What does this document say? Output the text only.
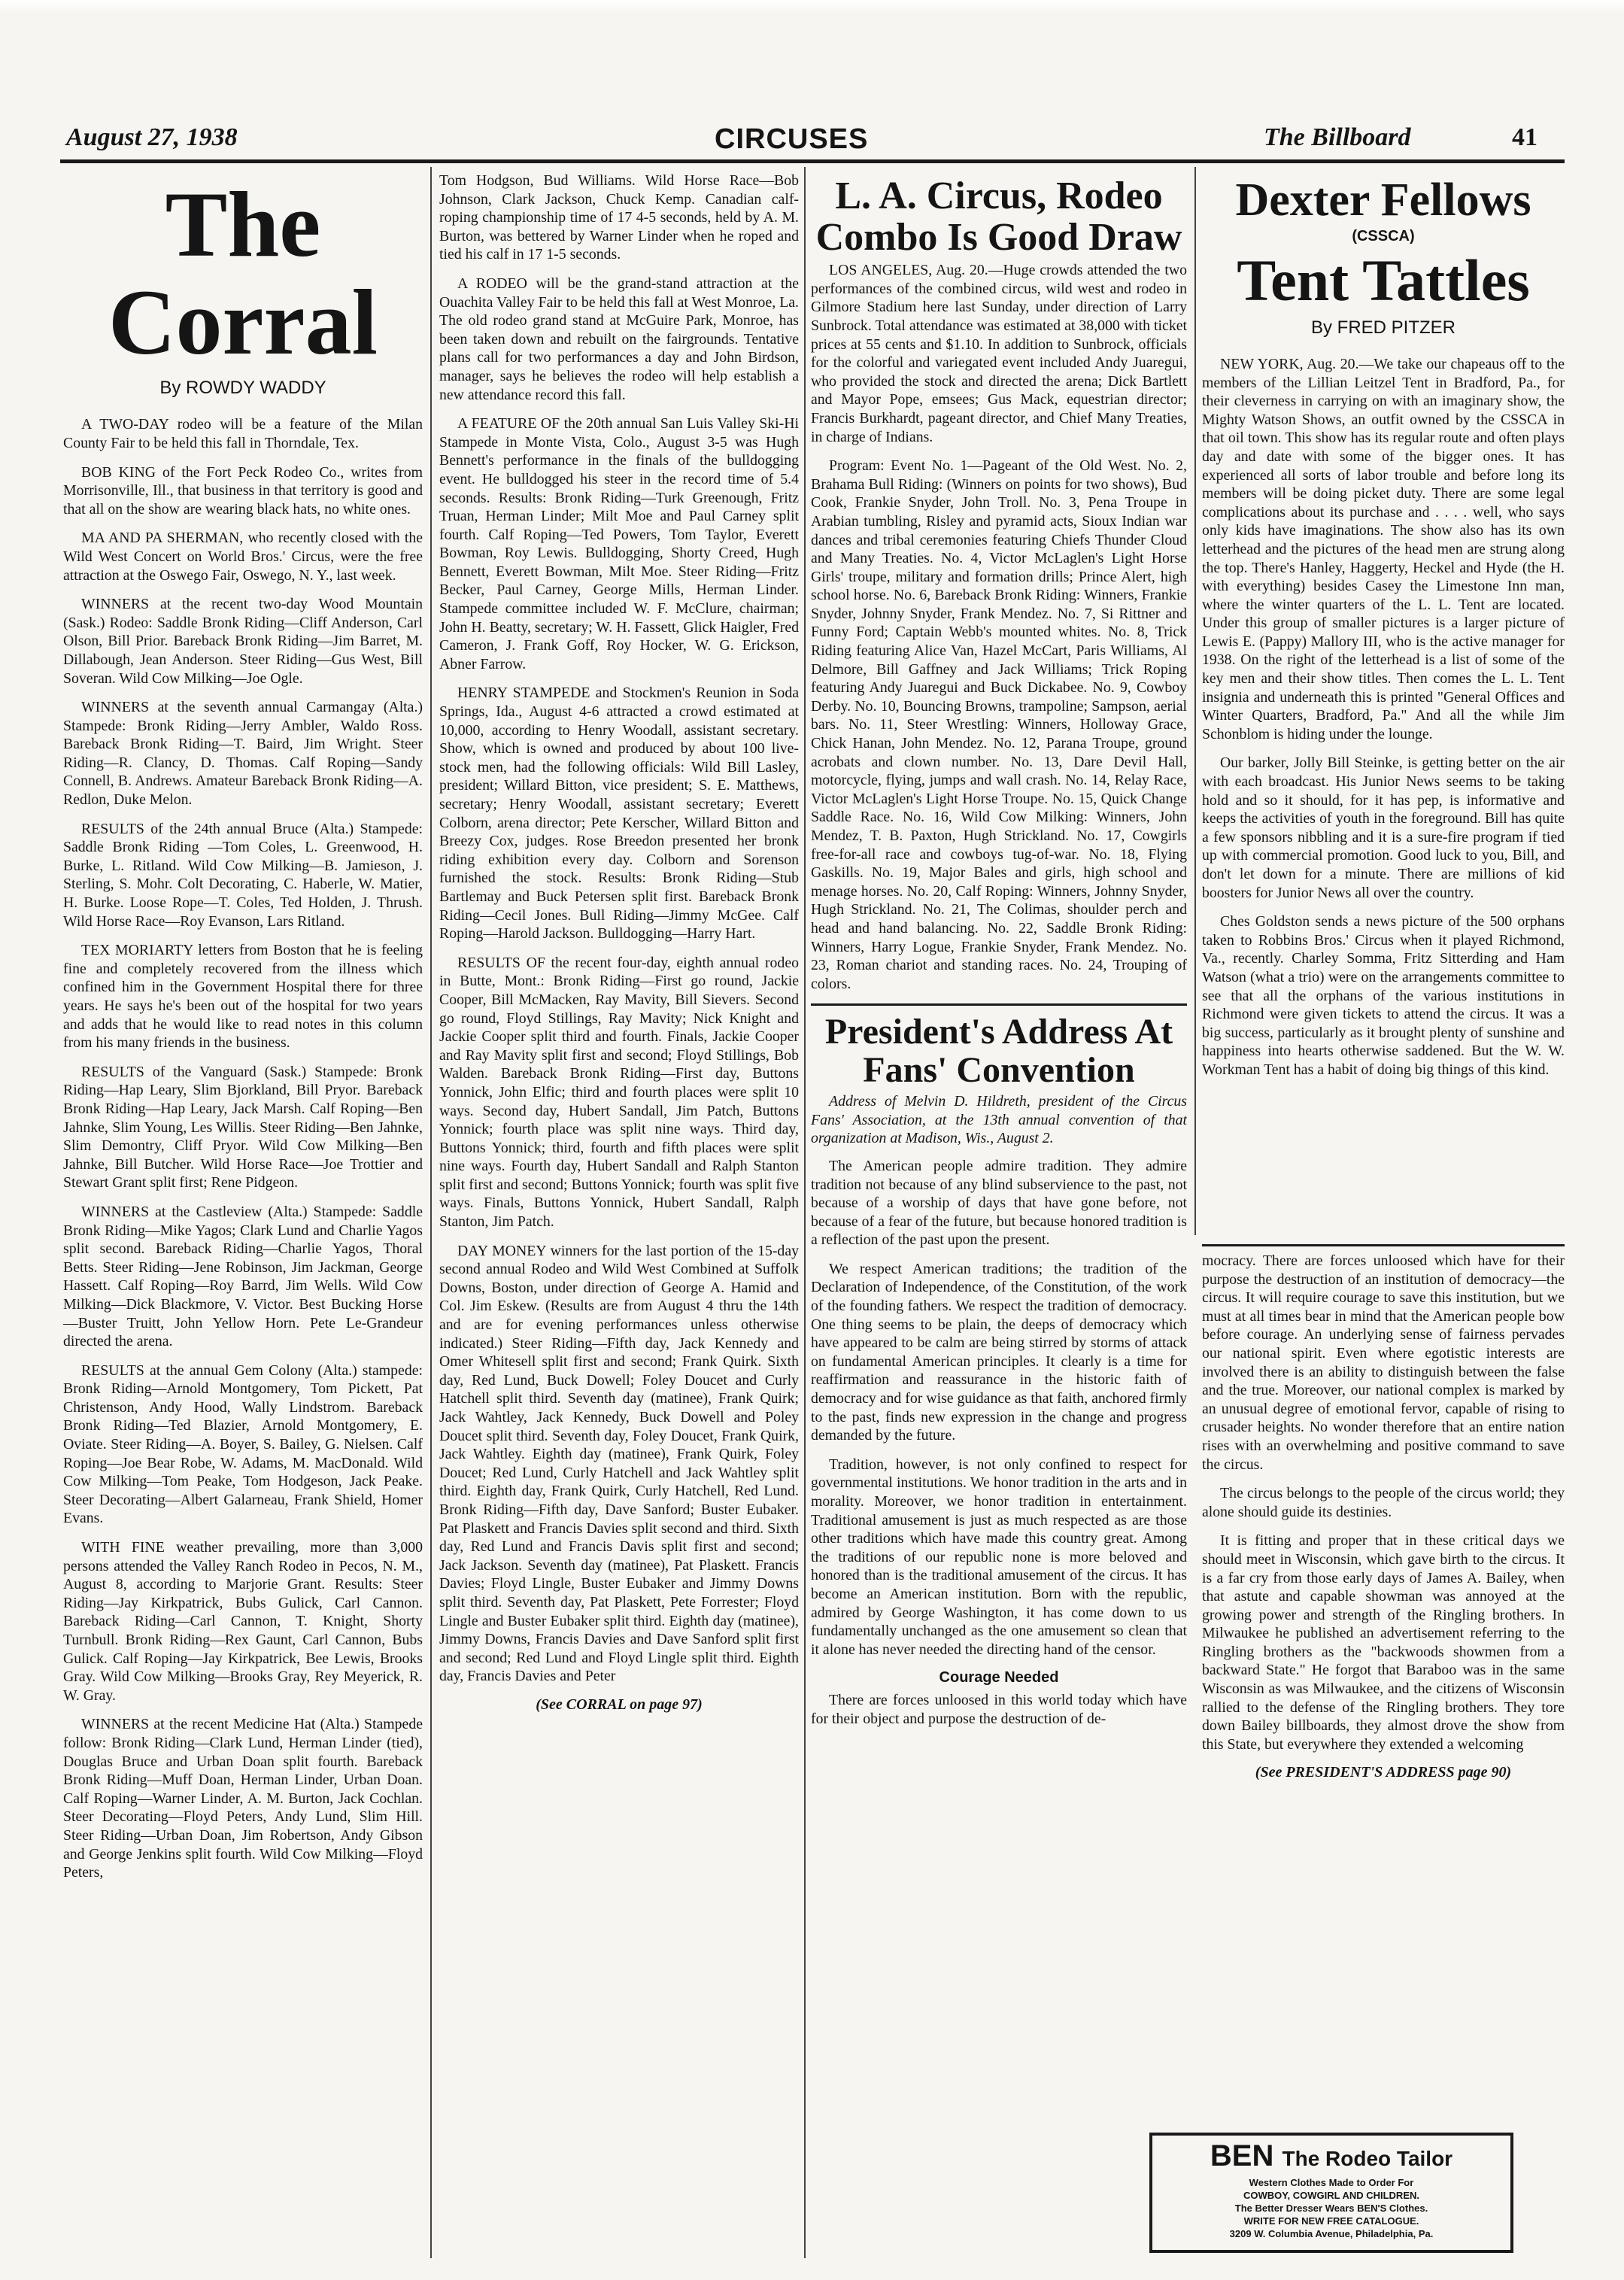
August 27, 1938	CIRCUSES	The Billboard	41
The Corral
By ROWDY WADDY

A TWO-DAY rodeo will be a feature of the Milan County Fair to be held this fall in Thorndale, Tex.

BOB KING of the Fort Peck Rodeo Co., writes from Morrisonville, Ill., that business in that territory is good and that all on the show are wearing black hats, no white ones.

MA AND PA SHERMAN, who recently closed with the Wild West Concert on World Bros.' Circus, were the free attraction at the Oswego Fair, Oswego, N. Y., last week.

WINNERS at the recent two-day Wood Mountain (Sask.) Rodeo: Saddle Bronk Riding—Cliff Anderson, Carl Olson, Bill Prior. Bareback Bronk Riding—Jim Barret, M. Dillabough, Jean Anderson. Steer Riding—Gus West, Bill Soveran. Wild Cow Milking—Joe Ogle.

WINNERS at the seventh annual Carmangay (Alta.) Stampede: Bronk Riding—Jerry Ambler, Waldo Ross. Bareback Bronk Riding—T. Baird, Jim Wright. Steer Riding—R. Clancy, D. Thomas. Calf Roping—Sandy Connell, B. Andrews. Amateur Bareback Bronk Riding—A. Redlon, Duke Melon.

RESULTS of the 24th annual Bruce (Alta.) Stampede: Saddle Bronk Riding —Tom Coles, L. Greenwood, H. Burke, L. Ritland. Wild Cow Milking—B. Jamieson, J. Sterling, S. Mohr. Colt Decorating, C. Haberle, W. Matier, H. Burke. Loose Rope—T. Coles, Ted Holden, J. Thrush. Wild Horse Race—Roy Evanson, Lars Ritland.

TEX MORIARTY letters from Boston that he is feeling fine and completely recovered from the illness which confined him in the Government Hospital there for three years. He says he's been out of the hospital for two years and adds that he would like to read notes in this column from his many friends in the business.

RESULTS of the Vanguard (Sask.) Stampede: Bronk Riding—Hap Leary, Slim Bjorkland, Bill Pryor. Bareback Bronk Riding—Hap Leary, Jack Marsh. Calf Roping—Ben Jahnke, Slim Young, Les Willis. Steer Riding—Ben Jahnke, Slim Demontry, Cliff Pryor. Wild Cow Milking—Ben Jahnke, Bill Butcher. Wild Horse Race—Joe Trottier and Stewart Grant split first; Rene Pidgeon.

WINNERS at the Castleview (Alta.) Stampede: Saddle Bronk Riding—Mike Yagos; Clark Lund and Charlie Yagos split second. Bareback Riding—Charlie Yagos, Thoral Betts. Steer Riding—Jene Robinson, Jim Jackman, George Hassett. Calf Roping—Roy Barrd, Jim Wells. Wild Cow Milking—Dick Blackmore, V. Victor. Best Bucking Horse—Buster Truitt, John Yellow Horn. Pete Le-Grandeur directed the arena.

RESULTS at the annual Gem Colony (Alta.) stampede: Bronk Riding—Arnold Montgomery, Tom Pickett, Pat Christenson, Andy Hood, Wally Lindstrom. Bareback Bronk Riding—Ted Blazier, Arnold Montgomery, E. Oviate. Steer Riding—A. Boyer, S. Bailey, G. Nielsen. Calf Roping—Joe Bear Robe, W. Adams, M. MacDonald. Wild Cow Milking—Tom Peake, Tom Hodgeson, Jack Peake. Steer Decorating—Albert Galarneau, Frank Shield, Homer Evans.

WITH FINE weather prevailing, more than 3,000 persons attended the Valley Ranch Rodeo in Pecos, N. M., August 8, according to Marjorie Grant. Results: Steer Riding—Jay Kirkpatrick, Bubs Gulick, Carl Cannon. Bareback Riding—Carl Cannon, T. Knight, Shorty Turnbull. Bronk Riding—Rex Gaunt, Carl Cannon, Bubs Gulick. Calf Roping—Jay Kirkpatrick, Bee Lewis, Brooks Gray. Wild Cow Milking—Brooks Gray, Rey Meyerick, R. W. Gray.

WINNERS at the recent Medicine Hat (Alta.) Stampede follow: Bronk Riding—Clark Lund, Herman Linder (tied), Douglas Bruce and Urban Doan split fourth. Bareback Bronk Riding—Muff Doan, Herman Linder, Urban Doan. Calf Roping—Warner Linder, A. M. Burton, Jack Cochlan. Steer Decorating—Floyd Peters, Andy Lund, Slim Hill. Steer Riding—Urban Doan, Jim Robertson, Andy Gibson and George Jenkins split fourth. Wild Cow Milking—Floyd Peters,

Tom Hodgson, Bud Williams. Wild Horse Race—Bob Johnson, Clark Jackson, Chuck Kemp. Canadian calf-roping championship time of 17 4-5 seconds, held by A. M. Burton, was bettered by Warner Linder when he roped and tied his calf in 17 1-5 seconds.

A RODEO will be the grand-stand attraction at the Ouachita Valley Fair to be held this fall at West Monroe, La. The old rodeo grand stand at McGuire Park, Monroe, has been taken down and rebuilt on the fairgrounds. Tentative plans call for two performances a day and John Birdson, manager, says he believes the rodeo will help establish a new attendance record this fall.

A FEATURE OF the 20th annual San Luis Valley Ski-Hi Stampede in Monte Vista, Colo., August 3-5 was Hugh Bennett's performance in the finals of the bulldogging event. He bulldogged his steer in the record time of 5.4 seconds. Results: Bronk Riding—Turk Greenough, Fritz Truan, Herman Linder; Milt Moe and Paul Carney split fourth. Calf Roping—Ted Powers, Tom Taylor, Everett Bowman, Roy Lewis. Bulldogging, Shorty Creed, Hugh Bennett, Everett Bowman, Milt Moe. Steer Riding—Fritz Becker, Paul Carney, George Mills, Herman Linder. Stampede committee included W. F. McClure, chairman; John H. Beatty, secretary; W. H. Fassett, Glick Haigler, Fred Cameron, J. Frank Goff, Roy Hocker, W. G. Erickson, Abner Farrow.

HENRY STAMPEDE and Stockmen's Reunion in Soda Springs, Ida., August 4-6 attracted a crowd estimated at 10,000, according to Henry Woodall, assistant secretary. Show, which is owned and produced by about 100 live-stock men, had the following officials: Wild Bill Lasley, president; Willard Bitton, vice president; S. E. Matthews, secretary; Henry Woodall, assistant secretary; Everett Colborn, arena director; Pete Kerscher, Willard Bitton and Breezy Cox, judges. Rose Breedon presented her bronk riding exhibition every day. Colborn and Sorenson furnished the stock. Results: Bronk Riding—Stub Bartlemay and Buck Petersen split first. Bareback Bronk Riding—Cecil Jones. Bull Riding—Jimmy McGee. Calf Roping—Harold Jackson. Bulldogging—Harry Hart.

RESULTS OF the recent four-day, eighth annual rodeo in Butte, Mont.: Bronk Riding—First go round, Jackie Cooper, Bill McMacken, Ray Mavity, Bill Sievers. Second go round, Floyd Stillings, Ray Mavity; Nick Knight and Jackie Cooper split third and fourth. Finals, Jackie Cooper and Ray Mavity split first and second; Floyd Stillings, Bob Walden. Bareback Bronk Riding—First day, Buttons Yonnick, John Elfic; third and fourth places were split 10 ways. Second day, Hubert Sandall, Jim Patch, Buttons Yonnick; fourth place was split nine ways. Third day, Buttons Yonnick; third, fourth and fifth places were split nine ways. Fourth day, Hubert Sandall and Ralph Stanton split first and second; Buttons Yonnick; fourth was split five ways. Finals, Buttons Yonnick, Hubert Sandall, Ralph Stanton, Jim Patch.

DAY MONEY winners for the last portion of the 15-day second annual Rodeo and Wild West Combined at Suffolk Downs, Boston, under direction of George A. Hamid and Col. Jim Eskew. (Results are from August 4 thru the 14th and are for evening performances unless otherwise indicated.) Steer Riding—Fifth day, Jack Kennedy and Omer Whitesell split first and second; Frank Quirk. Sixth day, Red Lund, Buck Dowell; Foley Doucet and Curly Hatchell split third. Seventh day (matinee), Frank Quirk; Jack Wahtley, Jack Kennedy, Buck Dowell and Poley Doucet split third. Seventh day, Foley Doucet, Frank Quirk, Jack Wahtley. Eighth day (matinee), Frank Quirk, Foley Doucet; Red Lund, Curly Hatchell and Jack Wahtley split third. Eighth day, Frank Quirk, Curly Hatchell, Red Lund. Bronk Riding—Fifth day, Dave Sanford; Buster Eubaker. Pat Plaskett and Francis Davies split second and third. Sixth day, Red Lund and Francis Davis split first and second; Jack Jackson. Seventh day (matinee), Pat Plaskett. Francis Davies; Floyd Lingle, Buster Eubaker and Jimmy Downs split third. Seventh day, Pat Plaskett, Pete Forrester; Floyd Lingle and Buster Eubaker split third. Eighth day (matinee), Jimmy Downs, Francis Davies and Dave Sanford split first and second; Red Lund and Floyd Lingle split third. Eighth day, Francis Davies and Peter

(See CORRAL on page 97)
L. A. Circus, Rodeo Combo Is Good Draw

LOS ANGELES, Aug. 20.—Huge crowds attended the two performances of the combined circus, wild west and rodeo in Gilmore Stadium here last Sunday, under direction of Larry Sunbrock. Total attendance was estimated at 38,000 with ticket prices at 55 cents and $1.10. In addition to Sunbrock, officials for the colorful and variegated event included Andy Juaregui, who provided the stock and directed the arena; Dick Bartlett and Mayor Pope, emsees; Gus Mack, equestrian director; Francis Burkhardt, pageant director, and Chief Many Treaties, in charge of Indians.

Program: Event No. 1—Pageant of the Old West. No. 2, Brahama Bull Riding: (Winners on points for two shows), Bud Cook, Frankie Snyder, John Troll. No. 3, Pena Troupe in Arabian tumbling, Risley and pyramid acts, Sioux Indian war dances and tribal ceremonies featuring Chiefs Thunder Cloud and Many Treaties. No. 4, Victor McLaglen's Light Horse Girls' troupe, military and formation drills; Prince Alert, high school horse. No. 6, Bareback Bronk Riding: Winners, Frankie Snyder, Johnny Snyder, Frank Mendez. No. 7, Si Rittner and Funny Ford; Captain Webb's mounted whites. No. 8, Trick Riding featuring Alice Van, Hazel McCart, Paris Williams, Al Delmore, Bill Gaffney and Jack Williams; Trick Roping featuring Andy Juaregui and Buck Dickabee. No. 9, Cowboy Derby. No. 10, Bouncing Browns, trampoline; Sampson, aerial bars. No. 11, Steer Wrestling: Winners, Holloway Grace, Chick Hanan, John Mendez. No. 12, Parana Troupe, ground acrobats and clown number. No. 13, Dare Devil Hall, motorcycle, flying, jumps and wall crash. No. 14, Relay Race, Victor McLaglen's Light Horse Troupe. No. 15, Quick Change Saddle Race. No. 16, Wild Cow Milking: Winners, John Mendez, T. B. Paxton, Hugh Strickland. No. 17, Cowgirls free-for-all race and cowboys tug-of-war. No. 18, Flying Gaskills. No. 19, Major Bales and girls, high school and menage horses. No. 20, Calf Roping: Winners, Johnny Snyder, Hugh Strickland. No. 21, The Colimas, shoulder perch and head and hand balancing. No. 22, Saddle Bronk Riding: Winners, Harry Logue, Frankie Snyder, Frank Mendez. No. 23, Roman chariot and standing races. No. 24, Trouping of colors.

President's Address At Fans' Convention
Address of Melvin D. Hildreth, president of the Circus Fans' Association, at the 13th annual convention of that organization at Madison, Wis., August 2.

The American people admire tradition. They admire tradition not because of any blind subservience to the past, not because of a worship of days that have gone before, not because of a fear of the future, but because honored tradition is a reflection of the past upon the present.

We respect American traditions; the tradition of the Declaration of Independence, of the Constitution, of the work of the founding fathers. We respect the tradition of democracy. One thing seems to be plain, the deeps of democracy which have appeared to be calm are being stirred by storms of attack on fundamental American principles. It clearly is a time for reaffirmation and reassurance in the historic faith of democracy and for wise guidance as that faith, anchored firmly to the past, finds new expression in the change and progress demanded by the future.

Tradition, however, is not only confined to respect for governmental institutions. We honor tradition in the arts and in morality. Moreover, we honor tradition in entertainment. Traditional amusement is just as much respected as are those other traditions which have made this country great. Among the traditions of our republic none is more beloved and honored than is the traditional amusement of the circus. It has become an American institution. Born with the republic, admired by George Washington, it has come down to us fundamentally unchanged as the one amusement so clean that it alone has never needed the directing hand of the censor.

Courage Needed

There are forces unloosed in this world today which have for their object and purpose the destruction of de-

Dexter Fellows
(CSSCA)
Tent Tattles
By FRED PITZER

NEW YORK, Aug. 20.—We take our chapeaus off to the members of the Lillian Leitzel Tent in Bradford, Pa., for their cleverness in carrying on with an imaginary show, the Mighty Watson Shows, an outfit owned by the CSSCA in that oil town. This show has its regular route and often plays day and date with some of the bigger ones. It has experienced all sorts of labor trouble and before long its members will be doing picket duty. There are some legal complications about its purchase and . . . . well, who says only kids have imaginations. The show also has its own letterhead and the pictures of the head men are strung along the top. There's Hanley, Haggerty, Heckel and Hyde (the H. with everything) besides Casey the Limestone Inn man, where the winter quarters of the L. L. Tent are located. Under this group of smaller pictures is a larger picture of Lewis E. (Pappy) Mallory III, who is the active manager for 1938. On the right of the letterhead is a list of some of the key men and their show titles. Then comes the L. L. Tent insignia and underneath this is printed "General Offices and Winter Quarters, Bradford, Pa." And all the while Jim Schonblom is hiding under the lounge.

Our barker, Jolly Bill Steinke, is getting better on the air with each broadcast. His Junior News seems to be taking hold and so it should, for it has pep, is informative and keeps the activities of youth in the foreground. Bill has quite a few sponsors nibbling and it is a sure-fire program if tied up with commercial promotion. Good luck to you, Bill, and don't let down for a minute. There are millions of kid boosters for Junior News all over the country.

Ches Goldston sends a news picture of the 500 orphans taken to Robbins Bros.' Circus when it played Richmond, Va., recently. Charley Somma, Fritz Sitterding and Ham Watson (what a trio) were on the arrangements committee to see that all the orphans of the various institutions in Richmond were given tickets to attend the circus. It was a big success, particularly as it brought plenty of sunshine and happiness into hearts otherwise saddened. But the W. W. Workman Tent has a habit of doing big things of this kind.

mocracy. There are forces unloosed which have for their purpose the destruction of an institution of democracy—the circus. It will require courage to save this institution, but we must at all times bear in mind that the American people bow before courage. An underlying sense of fairness pervades our national spirit. Even where egotistic interests are involved there is an ability to distinguish between the false and the true. Moreover, our national complex is marked by an unusual degree of emotional fervor, capable of rising to crusader heights. No wonder therefore that an entire nation rises with an overwhelming and positive command to save the circus.

The circus belongs to the people of the circus world; they alone should guide its destinies.

It is fitting and proper that in these critical days we should meet in Wisconsin, which gave birth to the circus. It is a far cry from those early days of James A. Bailey, when that astute and capable showman was annoyed at the growing power and strength of the Ringling brothers. In Milwaukee he published an advertisement referring to the Ringling brothers as the "backwoods showmen from a backward State." He forgot that Baraboo was in the same Wisconsin as was Milwaukee, and the citizens of Wisconsin rallied to the defense of the Ringling brothers. They tore down Bailey billboards, they almost drove the show from this State, but everywhere they extended a welcoming

(See PRESIDENT'S ADDRESS page 90)
BEN The Rodeo Tailor
Western Clothes Made to Order For
COWBOY, COWGIRL AND CHILDREN.
The Better Dresser Wears BEN'S Clothes.
WRITE FOR NEW FREE CATALOGUE.
3209 W. Columbia Avenue, Philadelphia, Pa.
